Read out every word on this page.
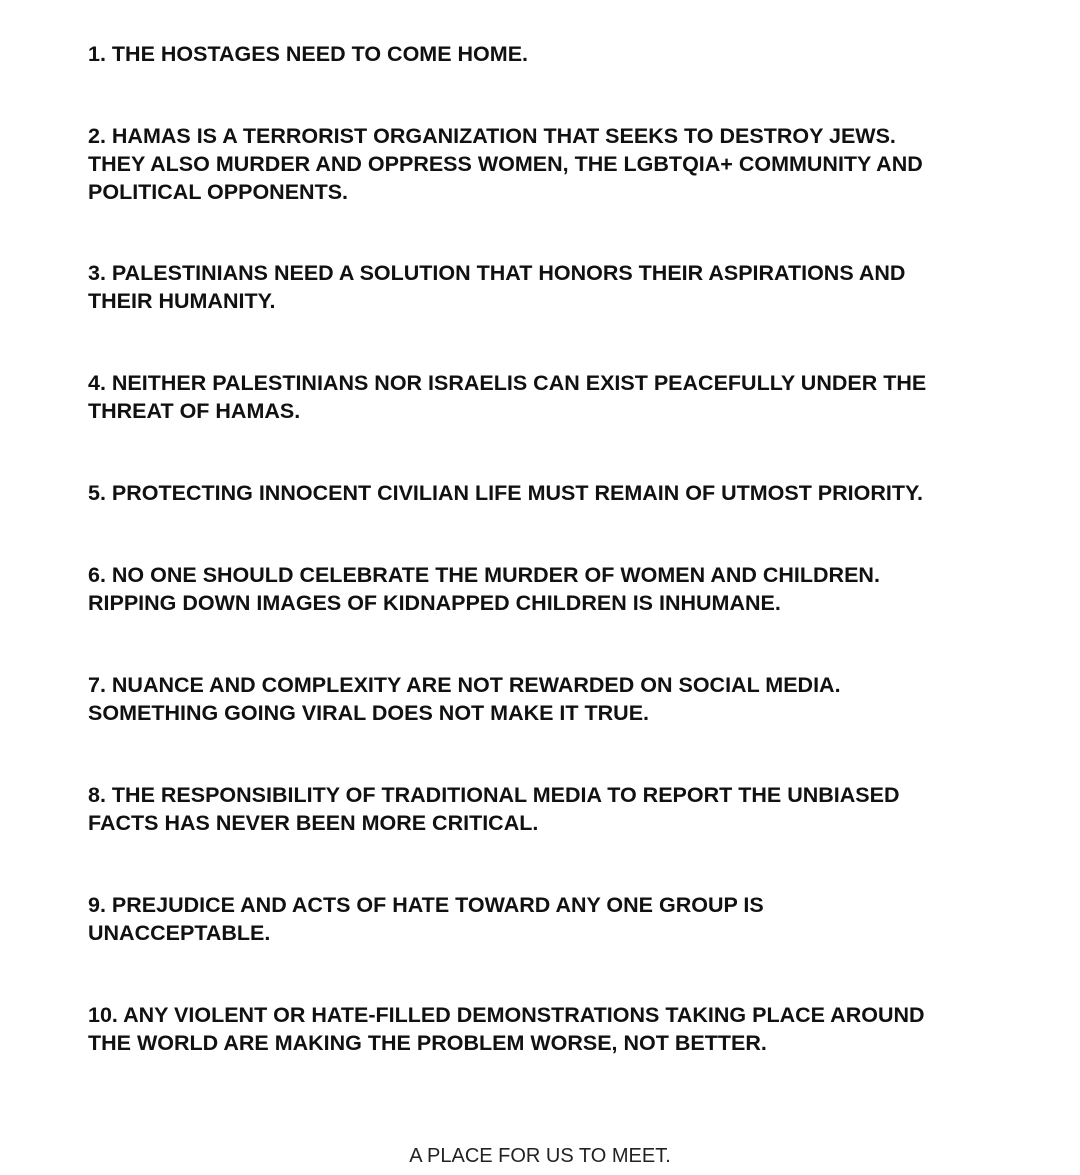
1. THE HOSTAGES NEED TO COME HOME.
2. HAMAS IS A TERRORIST ORGANIZATION THAT SEEKS TO DESTROY JEWS.
THEY ALSO MURDER AND OPPRESS WOMEN, THE LGBTQIA+ COMMUNITY AND
POLITICAL OPPONENTS.
3. PALESTINIANS NEED A SOLUTION THAT HONORS THEIR ASPIRATIONS AND
THEIR HUMANITY.
4. NEITHER PALESTINIANS NOR ISRAELIS CAN EXIST PEACEFULLY UNDER THE
THREAT OF HAMAS.
5. PROTECTING INNOCENT CIVILIAN LIFE MUST REMAIN OF UTMOST PRIORITY.
6. NO ONE SHOULD CELEBRATE THE MURDER OF WOMEN AND CHILDREN.
RIPPING DOWN IMAGES OF KIDNAPPED CHILDREN IS INHUMANE.
7. NUANCE AND COMPLEXITY ARE NOT REWARDED ON SOCIAL MEDIA.
SOMETHING GOING VIRAL DOES NOT MAKE IT TRUE.
8. THE RESPONSIBILITY OF TRADITIONAL MEDIA TO REPORT THE UNBIASED
FACTS HAS NEVER BEEN MORE CRITICAL.
9. PREJUDICE AND ACTS OF HATE TOWARD ANY ONE GROUP IS
UNACCEPTABLE.
10. ANY VIOLENT OR HATE-FILLED DEMONSTRATIONS TAKING PLACE AROUND
THE WORLD ARE MAKING THE PROBLEM WORSE, NOT BETTER.
A PLACE FOR US TO MEET.
